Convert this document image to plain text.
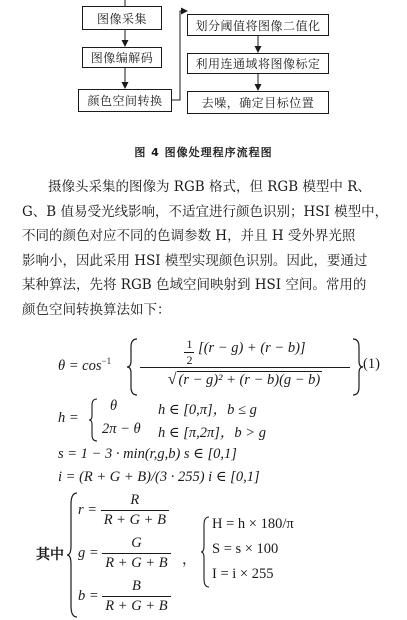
图像采集
图像编解码
颜色空间转换
划分阈值将图像二值化
利用连通域将图像标定
去噪，确定目标位置
图 4 图像处理程序流程图
摄像头采集的图像为 RGB 格式，但 RGB 模型中 R、
G、B 值易受光线影响，不适宜进行颜色识别；HSI 模型中，
不同的颜色对应不同的色调参数 H，并且 H 受外界光照
影响小，因此采用 HSI 模型实现颜色识别。因此，要通过
某种算法，先将 RGB 色域空间映射到 HSI 空间。常用的
颜色空间转换算法如下：
$\theta = \cos^{-1}$	$\frac{1}{2} [(r - g) + (r - b)]$
√ (r − g)² + (r − b)(g − b)
(1)
h =
θ	h ∈ [0,π]，b ≤ g
2π − θ h ∈ [π,2π]，b > g
s = 1 − 3 · min(r,g,b) s ∈ [0,1]
i = (R + G + B)/(3 · 255) i ∈ [0,1]
其中
$r = \frac{R}{R + G + B}$
$g = \frac{G}{R + G + B}$
$b = \frac{B}{R + G + B}$
，
H = h × 180/π
S = s × 100
I = i × 255
